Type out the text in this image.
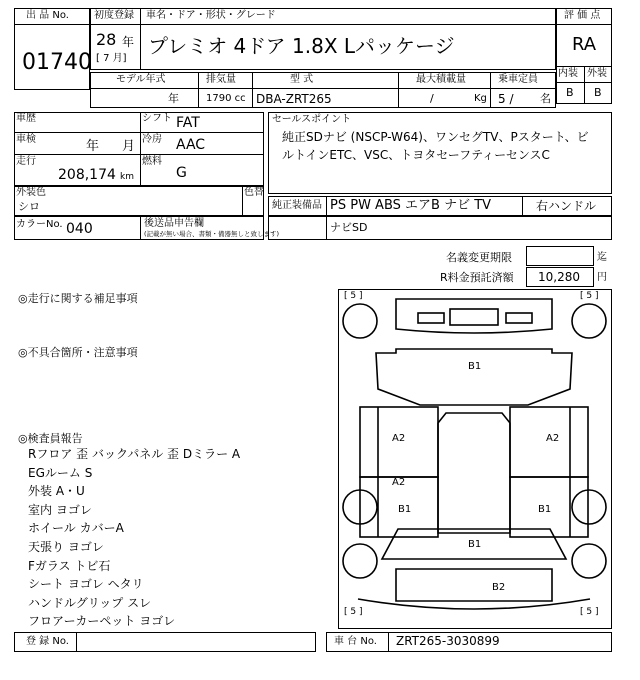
出 品 No.
01740
初度登録 車名・ドア・形状・グレード
28 年
[ 7 月]
プレミオ 4ドア 1.8X Lパッケージ
評 価 点
RA
内装 外装
B B
モデル年式	排気量	型 式	最大積載量	乗車定員
年	1790 cc DBA-ZRT265	/	Kg 5 / 名
車歴	シフト FAT
車検	年 月 冷房 AAC
走行
208,174 km
燃料
G
外装色
シロ
色替
カラーNo. 040	後送品申告欄
(記載が無い場合、書類・備器無しと致します)
セールスポイント
純正SDナビ (NSCP-W64)、ワンセグTV、Pスタート、ビ
ルトインETC、VSC、トヨタセーフティーセンスC
純正装備品 PS PW ABS エアB ナビ TV	右ハンドル
ナビSD
名義変更期限	迄
R料金預託済額 10,280 円
◎走行に関する補足事項
◎不具合箇所・注意事項
◎検査員報告
Rフロア 歪 バックパネル 歪 Dミラー A
EGルーム S
外装 A・U
室内 ヨゴレ
ホイール カバーA
天張り ヨゴレ
Fガラス トビ石
シート ヨゴレ ヘタリ
ハンドルグリップ スレ
フロアーカーペット ヨゴレ
[ 5 ]	[ 5 ]
[ 5 ]	[ 5 ]
B1
A2	A2
A2
B1	B1
B1
B2
登 録 No.	車 台 No. ZRT265-3030899
